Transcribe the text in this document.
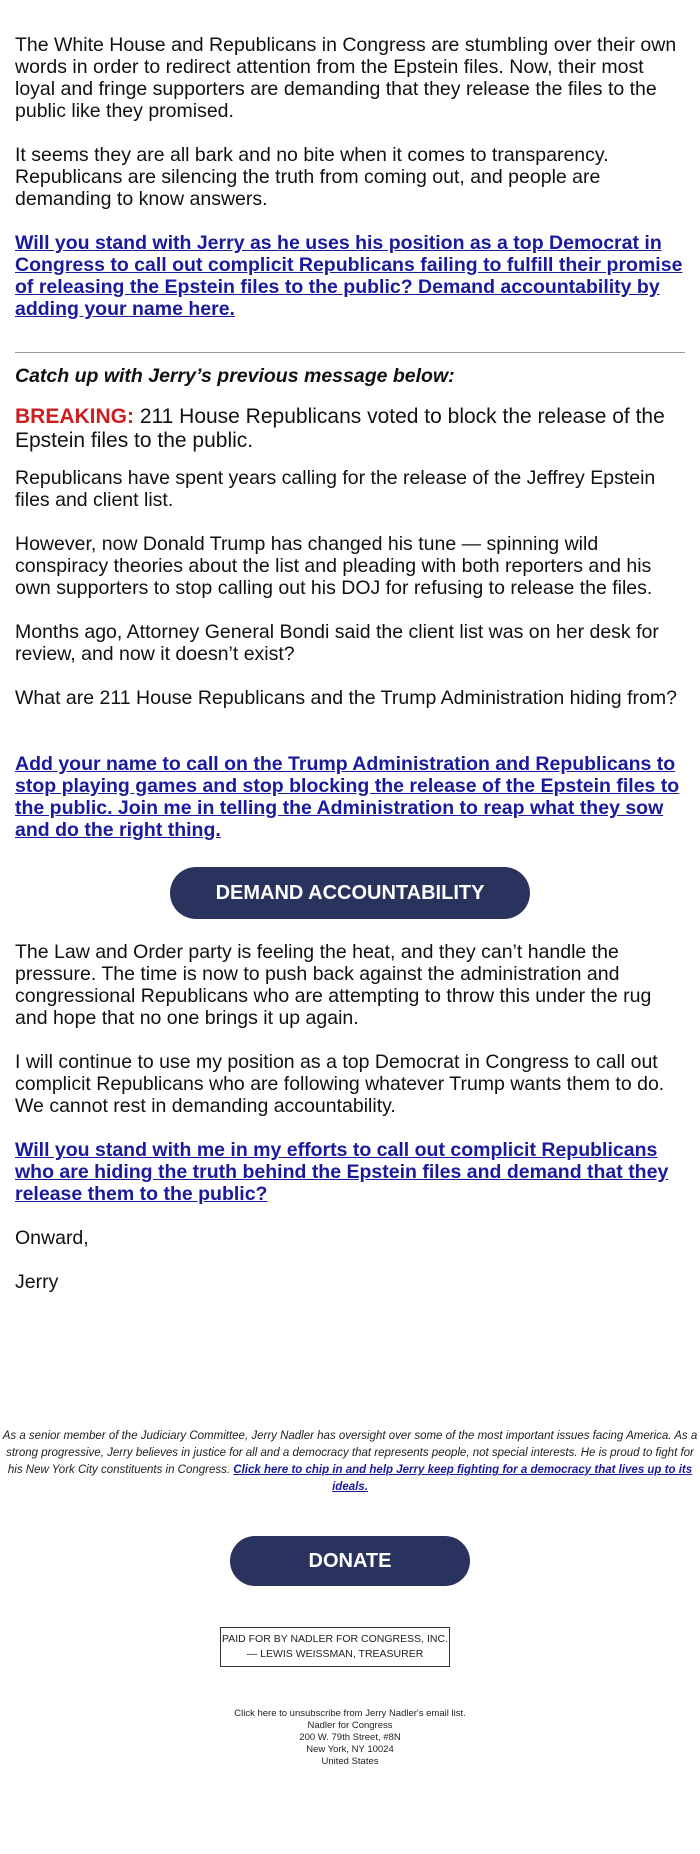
The White House and Republicans in Congress are stumbling over their own words in order to redirect attention from the Epstein files. Now, their most loyal and fringe supporters are demanding that they release the files to the public like they promised.

It seems they are all bark and no bite when it comes to transparency. Republicans are silencing the truth from coming out, and people are demanding to know answers.

Will you stand with Jerry as he uses his position as a top Democrat in Congress to call out complicit Republicans failing to fulfill their promise of releasing the Epstein files to the public? Demand accountability by adding your name here.

Catch up with Jerry’s previous message below:

BREAKING: 211 House Republicans voted to block the release of the Epstein files to the public.

Republicans have spent years calling for the release of the Jeffrey Epstein files and client list.

However, now Donald Trump has changed his tune — spinning wild conspiracy theories about the list and pleading with both reporters and his own supporters to stop calling out his DOJ for refusing to release the files.

Months ago, Attorney General Bondi said the client list was on her desk for review, and now it doesn’t exist?

What are 211 House Republicans and the Trump Administration hiding from?

Add your name to call on the Trump Administration and Republicans to stop playing games and stop blocking the release of the Epstein files to the public. Join me in telling the Administration to reap what they sow and do the right thing.

DEMAND ACCOUNTABILITY

The Law and Order party is feeling the heat, and they can’t handle the pressure. The time is now to push back against the administration and congressional Republicans who are attempting to throw this under the rug and hope that no one brings it up again.

I will continue to use my position as a top Democrat in Congress to call out complicit Republicans who are following whatever Trump wants them to do. We cannot rest in demanding accountability.

Will you stand with me in my efforts to call out complicit Republicans who are hiding the truth behind the Epstein files and demand that they release them to the public?

Onward,

Jerry

As a senior member of the Judiciary Committee, Jerry Nadler has oversight over some of the most important issues facing America. As a strong progressive, Jerry believes in justice for all and a democracy that represents people, not special interests. He is proud to fight for his New York City constituents in Congress. Click here to chip in and help Jerry keep fighting for a democracy that lives up to its ideals.
DONATE
PAID FOR BY NADLER FOR CONGRESS, INC.
— LEWIS WEISSMAN, TREASURER
Click here to unsubscribe from Jerry Nadler's email list.
Nadler for Congress
200 W. 79th Street, #8N
New York, NY 10024
United States
